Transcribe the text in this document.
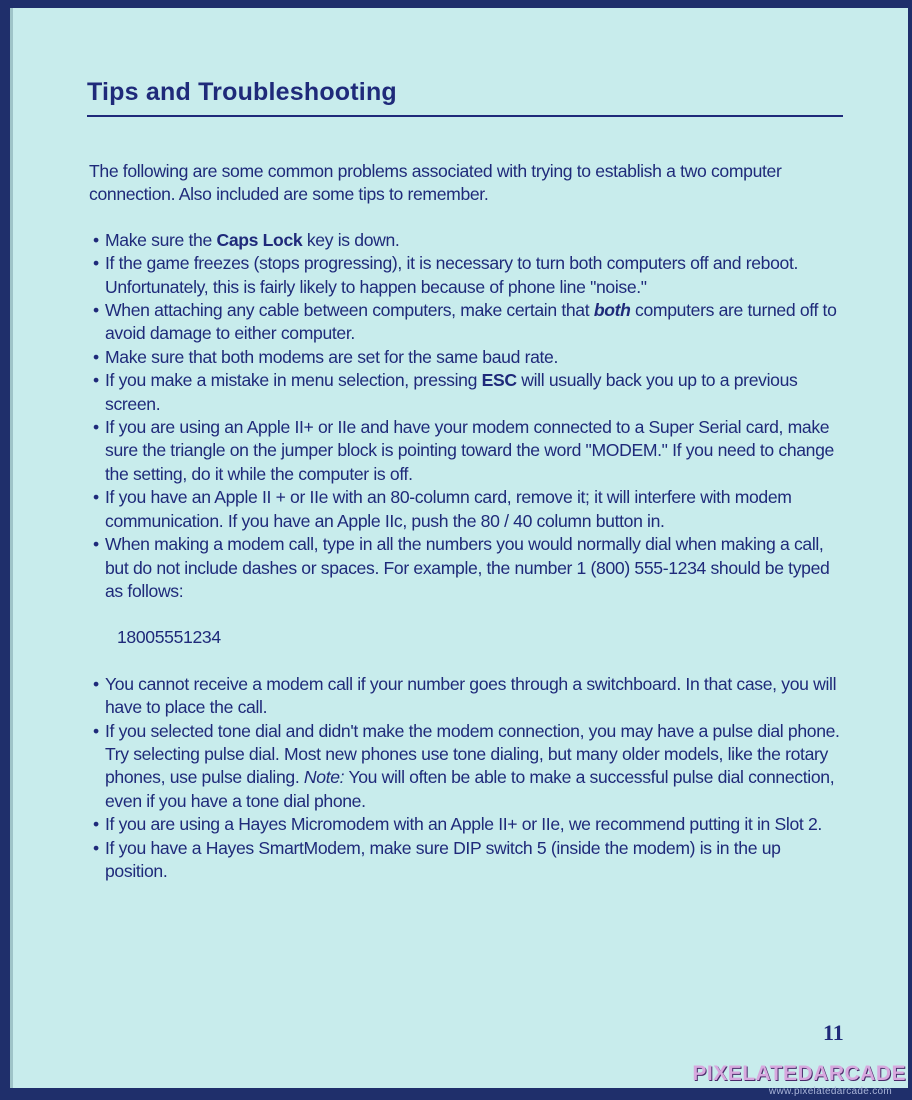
Tips and Troubleshooting

The following are some common problems associated with trying to establish a two computer connection. Also included are some tips to remember.

• Make sure the Caps Lock key is down.
• If the game freezes (stops progressing), it is necessary to turn both computers off and reboot. Unfortunately, this is fairly likely to happen because of phone line "noise."
• When attaching any cable between computers, make certain that both computers are turned off to avoid damage to either computer.
• Make sure that both modems are set for the same baud rate.
• If you make a mistake in menu selection, pressing ESC will usually back you up to a previous screen.
• If you are using an Apple II+ or IIe and have your modem connected to a Super Serial card, make sure the triangle on the jumper block is pointing toward the word "MODEM." If you need to change the setting, do it while the computer is off.
• If you have an Apple II + or IIe with an 80-column card, remove it; it will interfere with modem communication. If you have an Apple IIc, push the 80 / 40 column button in.
• When making a modem call, type in all the numbers you would normally dial when making a call, but do not include dashes or spaces. For example, the number 1 (800) 555-1234 should be typed as follows:
18005551234
• You cannot receive a modem call if your number goes through a switchboard. In that case, you will have to place the call.
• If you selected tone dial and didn't make the modem connection, you may have a pulse dial phone. Try selecting pulse dial. Most new phones use tone dialing, but many older models, like the rotary phones, use pulse dialing. Note: You will often be able to make a successful pulse dial connection, even if you have a tone dial phone.
• If you are using a Hayes Micromodem with an Apple II+ or IIe, we recommend putting it in Slot 2.
• If you have a Hayes SmartModem, make sure DIP switch 5 (inside the modem) is in the up position.
11
PIXELATEDARCADE
www.pixelatedarcade.com
